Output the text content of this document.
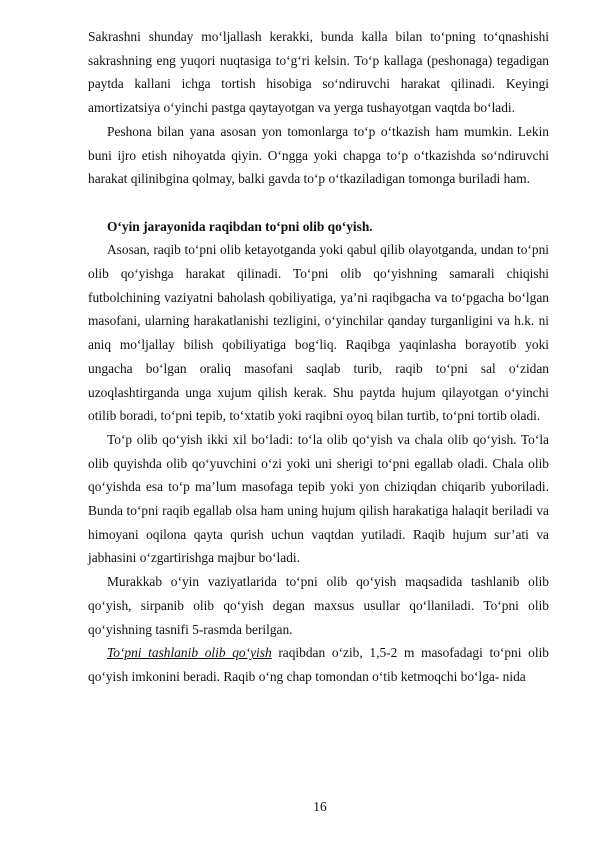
Sakrashni shunday mo‘ljallash kerakki, bunda kalla bilan to‘pning to‘qnashishi sakrashning eng yuqori nuqtasiga to‘g‘ri kelsin. To‘p kallaga (peshonaga) tegadigan paytda kallani ichga tortish hisobiga so‘ndiruvchi harakat qilinadi. Keyingi amortizatsiya o‘yinchi pastga qaytayotgan va yerga tushayotgan vaqtda bo‘ladi.

Peshona bilan yana asosan yon tomonlarga to‘p o‘tkazish ham mumkin. Lekin buni ijro etish nihoyatda qiyin. O‘ngga yoki chapga to‘p o‘tkazishda so‘ndiruvchi harakat qilinibgina qolmay, balki gavda to‘p o‘tkaziladigan tomonga buriladi ham.

O‘yin jarayonida raqibdan to‘pni olib qo‘yish.

Asosan, raqib to‘pni olib ketayotganda yoki qabul qilib olayotganda, undan to‘pni olib qo‘yishga harakat qilinadi. To‘pni olib qo‘yishning samarali chiqishi futbolchining vaziyatni baholash qobiliyatiga, ya’ni raqibgacha va to‘pgacha bo‘lgan masofani, ularning harakatlanishi tezligini, o‘yinchilar qanday turganligini va h.k. ni aniq mo‘ljallay bilish qobiliyatiga bog‘liq. Raqibga yaqinlasha borayotib yoki ungacha bo‘lgan oraliq masofani saqlab turib, raqib to‘pni sal o‘zidan uzoqlashtirganda unga xujum qilish kerak. Shu paytda hujum qilayotgan o‘yinchi otilib boradi, to‘pni tepib, to‘xtatib yoki raqibni oyoq bilan turtib, to‘pni tortib oladi.

To‘p olib qo‘yish ikki xil bo‘ladi: to‘la olib qo‘yish va chala olib qo‘yish. To‘la olib quyishda olib qo‘yuvchini o‘zi yoki uni sherigi to‘pni egallab oladi. Chala olib qo‘yishda esa to‘p ma’lum masofaga tepib yoki yon chiziqdan chiqarib yuboriladi. Bunda to‘pni raqib egallab olsa ham uning hujum qilish harakatiga halaqit beriladi va himoyani oqilona qayta qurish uchun vaqtdan yutiladi. Raqib hujum sur’ati va jabhasini o‘zgartirishga majbur bo‘ladi.

Murakkab o‘yin vaziyatlarida to‘pni olib qo‘yish maqsadida tashlanib olib qo‘yish, sirpanib olib qo‘yish degan maxsus usullar qo‘llaniladi. To‘pni olib qo‘yishning tasnifi 5-rasmda berilgan.

To‘pni tashlanib olib qo‘yish raqibdan o‘zib, 1,5-2 m masofadagi to‘pni olib qo‘yish imkonini beradi. Raqib o‘ng chap tomondan o‘tib ketmoqchi bo‘lga- nida

16
